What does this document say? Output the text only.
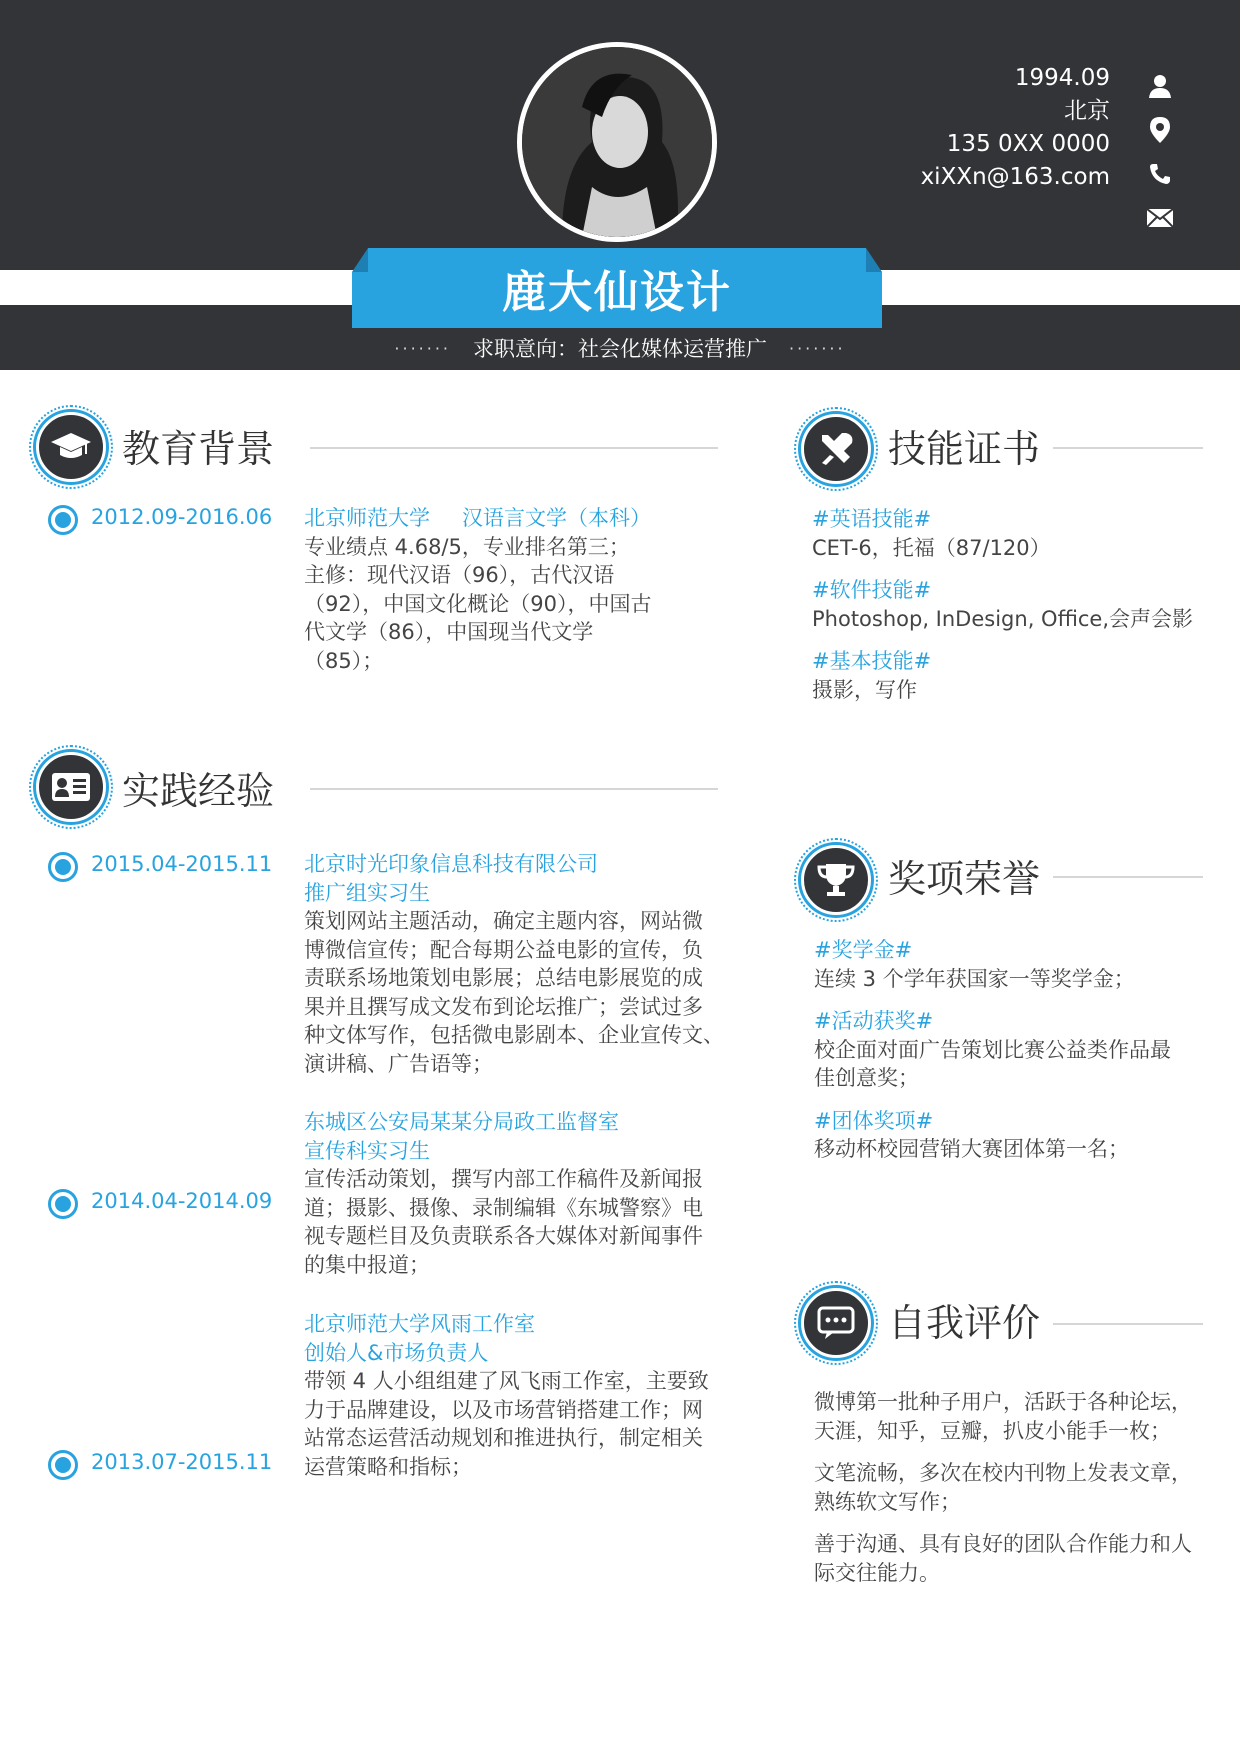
1994.09
北京
135 0XX 0000
xiXXn@163.com
鹿大仙设计
······· 求职意向：社会化媒体运营推广 ·······
教育背景
2012.09-2016.06 北京师范大学 汉语言文学（本科）
专业绩点 4.68/5，专业排名第三；
主修：现代汉语（96），古代汉语
（92），中国文化概论（90），中国古
代文学（86），中国现当代文学
（85）；
实践经验
2015.04-2015.11 北京时光印象信息科技有限公司
推广组实习生
策划网站主题活动，确定主题内容，网站微
博微信宣传；配合每期公益电影的宣传，负
责联系场地策划电影展；总结电影展览的成
果并且撰写成文发布到论坛推广；尝试过多
种文体写作，包括微电影剧本、企业宣传文、
演讲稿、广告语等；
2014.04-2014.09
东城区公安局某某分局政工监督室
宣传科实习生
宣传活动策划，撰写内部工作稿件及新闻报
道；摄影、摄像、录制编辑《东城警察》电
视专题栏目及负责联系各大媒体对新闻事件
的集中报道；
2013.07-2015.11
北京师范大学风雨工作室
创始人&市场负责人
带领 4 人小组组建了风飞雨工作室，主要致
力于品牌建设，以及市场营销搭建工作；网
站常态运营活动规划和推进执行，制定相关
运营策略和指标；
技能证书
#英语技能#
CET-6，托福（87/120）
#软件技能#
Photoshop, InDesign, Office,会声会影
#基本技能#
摄影，写作
奖项荣誉
#奖学金#
连续 3 个学年获国家一等奖学金；
#活动获奖#
校企面对面广告策划比赛公益类作品最
佳创意奖；
#团体奖项#
移动杯校园营销大赛团体第一名；
自我评价
微博第一批种子用户，活跃于各种论坛，
天涯，知乎，豆瓣，扒皮小能手一枚；
文笔流畅，多次在校内刊物上发表文章，
熟练软文写作；
善于沟通、具有良好的团队合作能力和人
际交往能力。
